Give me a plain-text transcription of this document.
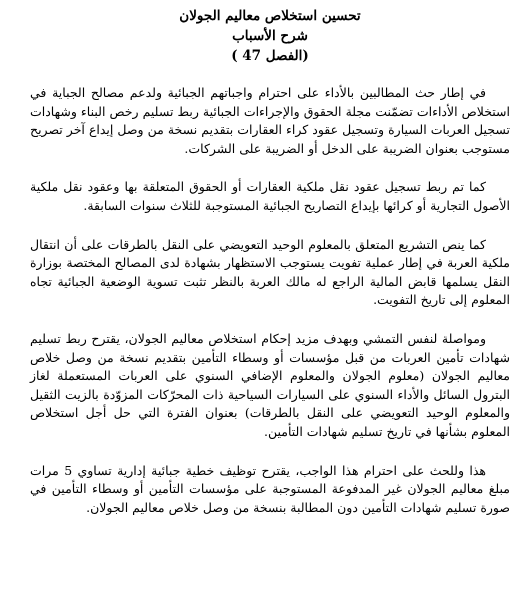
تحسين استخلاص معاليم الجولان
شرح الأسباب
(الفصل 47 )

في إطار حث المطالبين بالأداء على احترام واجباتهم الجبائية ولدعم مصالح الجباية في استخلاص الأداءات تضمّنت مجلة الحقوق والإجراءات الجبائية ربط تسليم رخص البناء وشهادات تسجيل العربات السيارة وتسجيل عقود كراء العقارات بتقديم نسخة من وصل إيداع آخر تصريح مستوجب بعنوان الضريبة على الدخل أو الضريبة على الشركات.

كما تم ربط تسجيل عقود نقل ملكية العقارات أو الحقوق المتعلقة بها وعقود نقل ملكية الأصول التجارية أو كرائها بإيداع التصاريح الجبائية المستوجبة للثلاث سنوات السابقة.

كما ينص التشريع المتعلق بالمعلوم الوحيد التعويضي على النقل بالطرقات على أن انتقال ملكية العربة في إطار عملية تفويت يستوجب الاستظهار بشهادة لدى المصالح المختصة بوزارة النقل يسلمها قابض المالية الراجع له مالك العربة بالنظر تثبت تسوية الوضعية الجبائية تجاه المعلوم إلى تاريخ التفويت.

ومواصلة لنفس التمشي وبهدف مزيد إحكام استخلاص معاليم الجولان، يقترح ربط تسليم شهادات تأمين العربات من قبل مؤسسات أو وسطاء التأمين بتقديم نسخة من وصل خلاص معاليم الجولان (معلوم الجولان والمعلوم الإضافي السنوي على العربات المستعملة لغاز البترول السائل والأداء السنوي على السيارات السياحية ذات المحرّكات المزوّدة بالزيت الثقيل والمعلوم الوحيد التعويضي على النقل بالطرقات) بعنوان الفترة التي حل أجل استخلاص المعلوم بشأنها في تاريخ تسليم شهادات التأمين.

هذا وللحث على احترام هذا الواجب، يقترح توظيف خطية جبائية إدارية تساوي 5 مرات مبلغ معاليم الجولان غير المدفوعة المستوجبة على مؤسسات التأمين أو وسطاء التأمين في صورة تسليم شهادات التأمين دون المطالبة بنسخة من وصل خلاص معاليم الجولان.
